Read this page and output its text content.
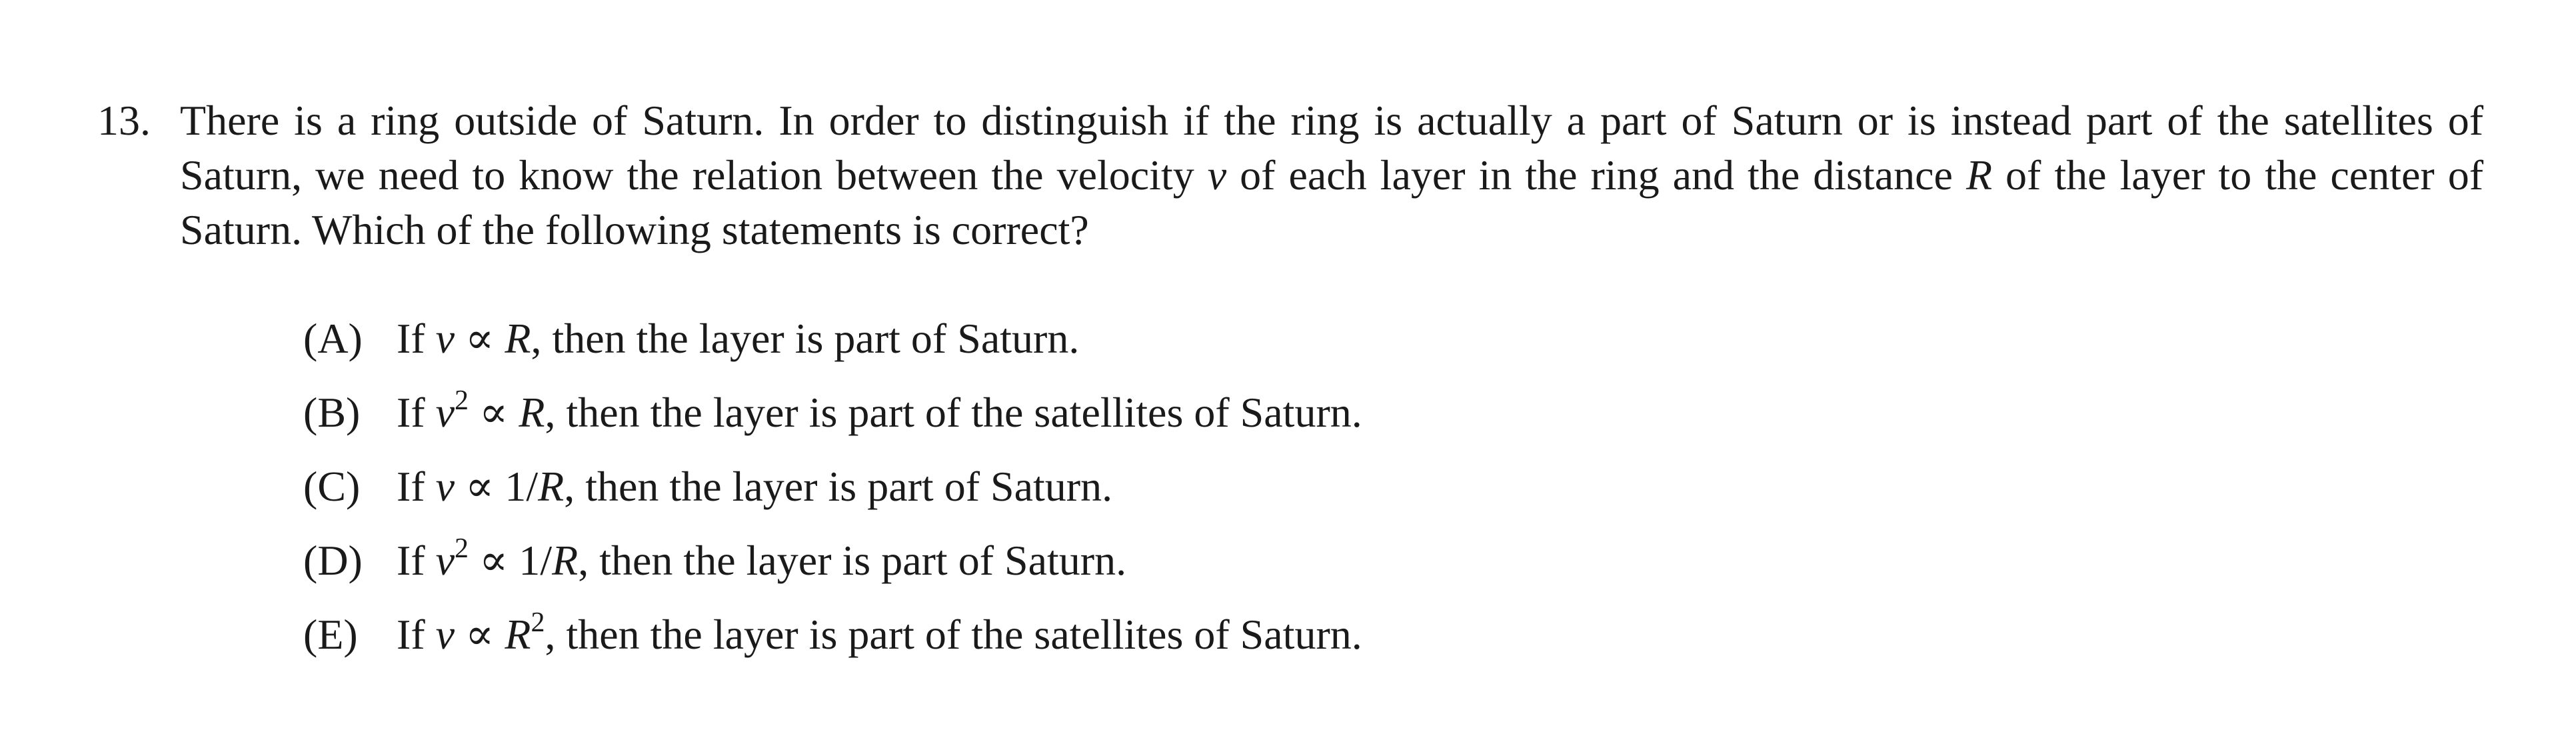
13. There is a ring outside of Saturn. In order to distinguish if the ring is actually a part of Saturn or is instead part of the satellites of Saturn, we need to know the relation between the velocity v of each layer in the ring and the distance R of the layer to the center of Saturn. Which of the following statements is correct?
(A) If v ∝ R, then the layer is part of Saturn.
(B) If $v^2 \propto R$, then the layer is part of the satellites of Saturn.
(C) If v ∝ 1/R, then the layer is part of Saturn.
(D) If $v^2 \propto 1/R$, then the layer is part of Saturn.
(E) If $v \propto R^2$, then the layer is part of the satellites of Saturn.
